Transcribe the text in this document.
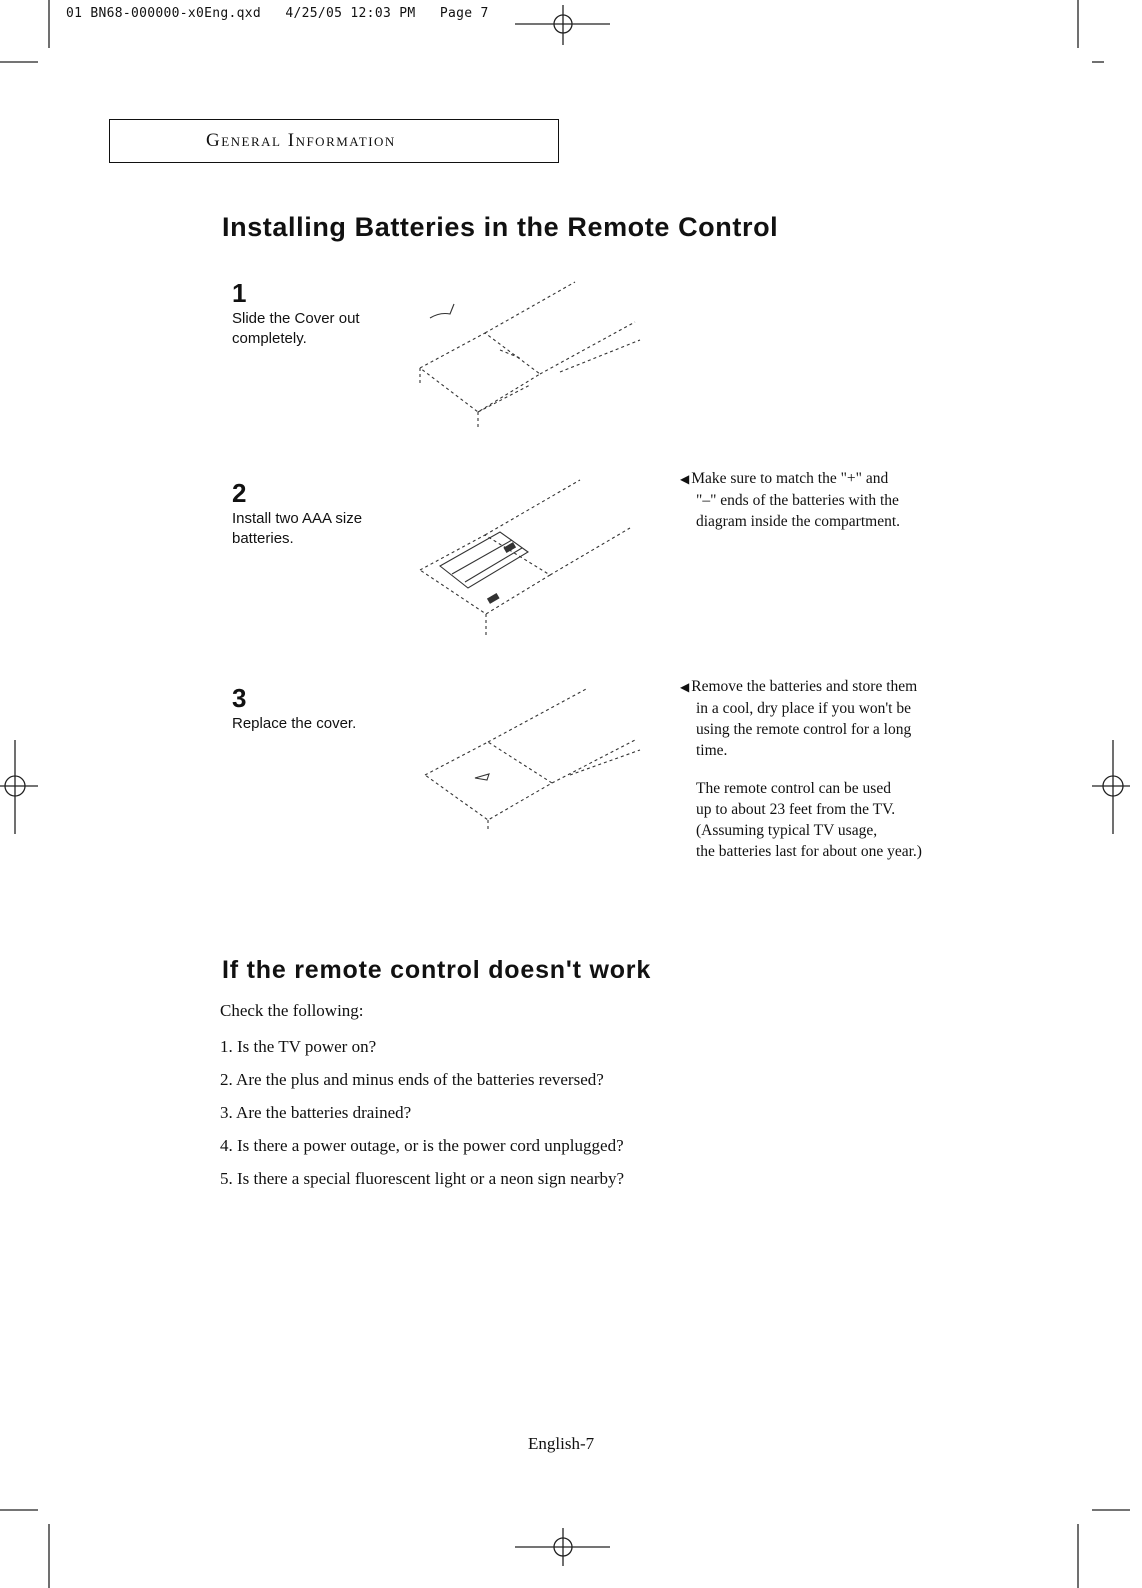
01 BN68-000000-x0Eng.qxd   4/25/05 12:03 PM   Page 7
General Information
Installing Batteries in the Remote Control
1
Slide the Cover out completely.
2
Install two AAA size batteries.
3
Replace the cover.
◀ Make sure to match the "+" and
"–" ends of the batteries with the
diagram inside the compartment.
◀ Remove the batteries and store them
in a cool, dry place if you won't be
using the remote control for a long
time.
The remote control can be used
up to about 23 feet from the TV.
(Assuming typical TV usage,
the batteries last for about one year.)
If the remote control doesn't work
Check the following:
1. Is the TV power on?
2. Are the plus and minus ends of the batteries reversed?
3. Are the batteries drained?
4. Is there a power outage, or is the power cord unplugged?
5. Is there a special fluorescent light or a neon sign nearby?
English-7
